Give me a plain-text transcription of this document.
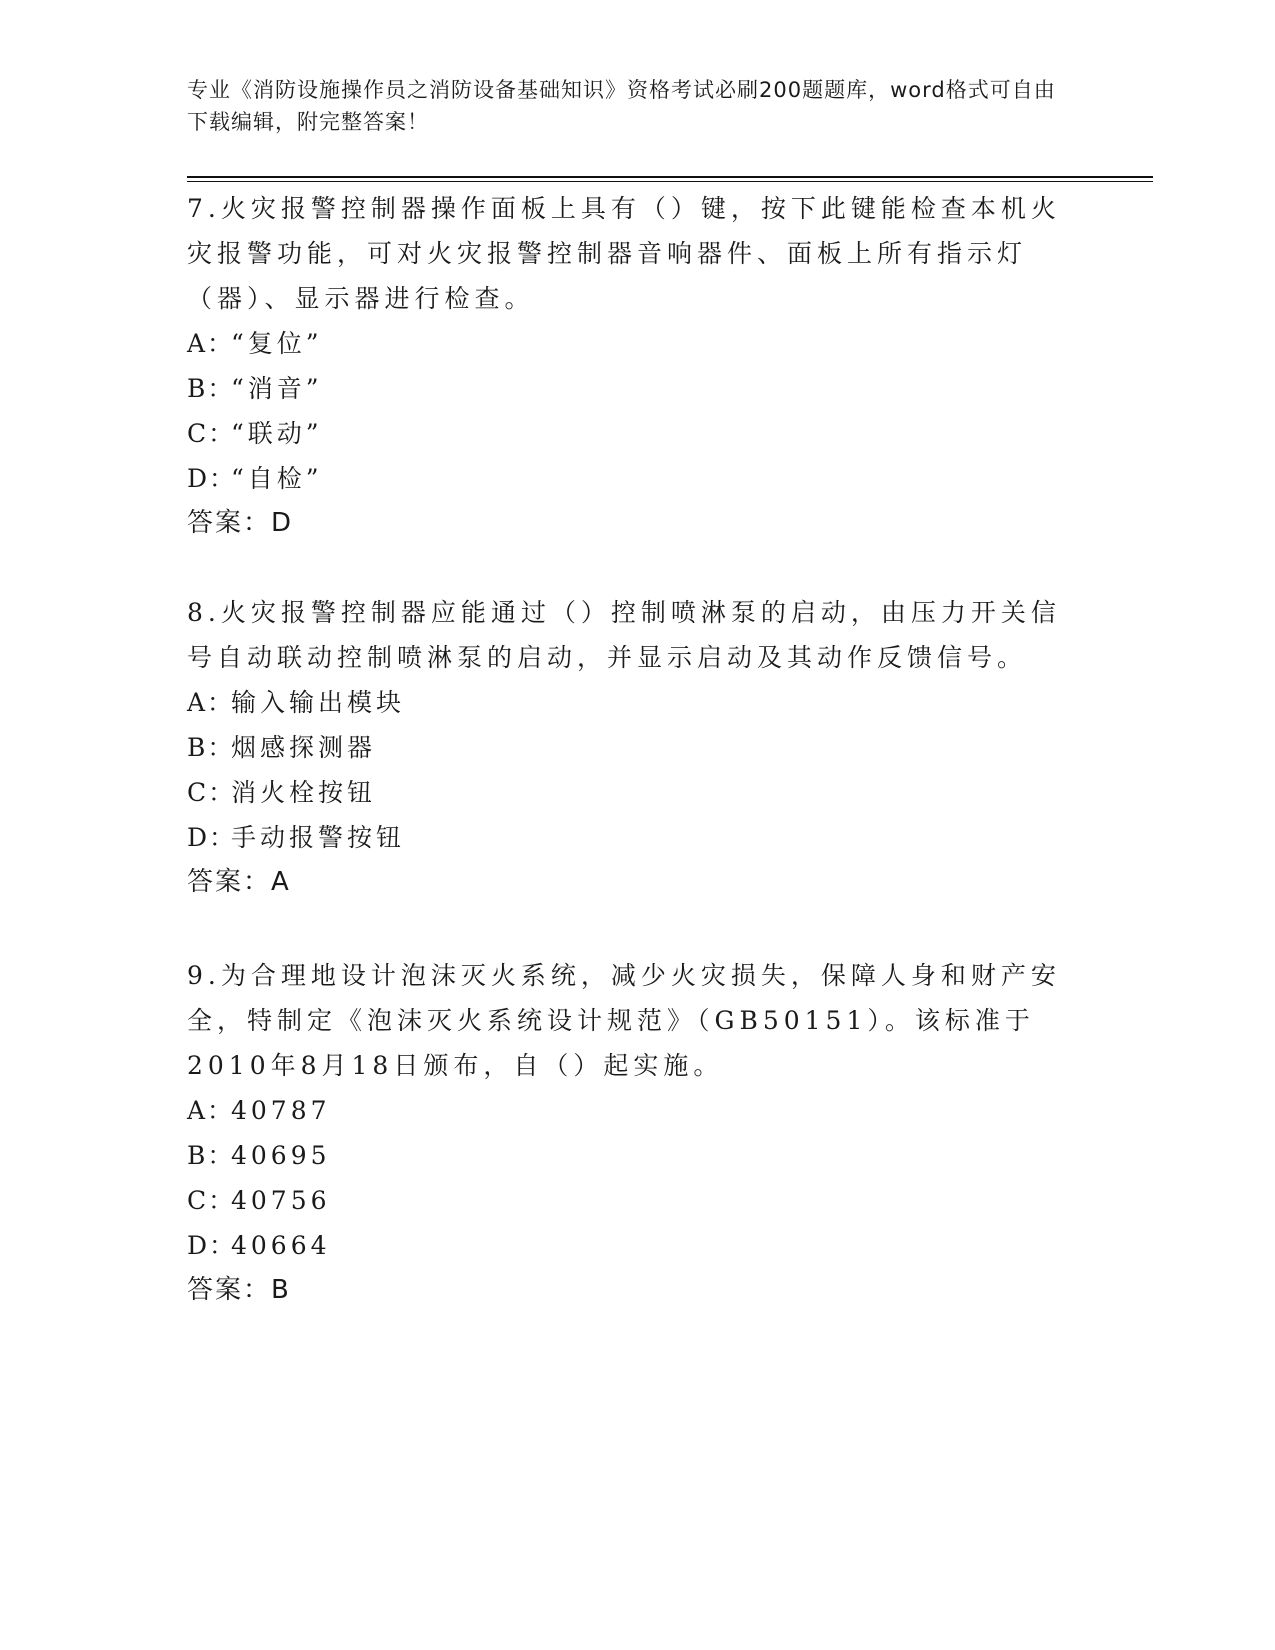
专业《消防设施操作员之消防设备基础知识》资格考试必刷200题题库，word格式可自由下载编辑，附完整答案！
7.火灾报警控制器操作面板上具有（）键，按下此键能检查本机火灾报警功能，可对火灾报警控制器音响器件、面板上所有指示灯（器）、显示器进行检查。
A：“复位”
B：“消音”
C：“联动”
D：“自检”
答案：D
8.火灾报警控制器应能通过（）控制喷淋泵的启动，由压力开关信号自动联动控制喷淋泵的启动，并显示启动及其动作反馈信号。
A：输入输出模块
B：烟感探测器
C：消火栓按钮
D：手动报警按钮
答案：A
9.为合理地设计泡沫灭火系统，减少火灾损失，保障人身和财产安全，特制定《泡沫灭火系统设计规范》（GB50151）。该标准于2010年8月18日颁布，自（）起实施。
A：40787
B：40695
C：40756
D：40664
答案：B
